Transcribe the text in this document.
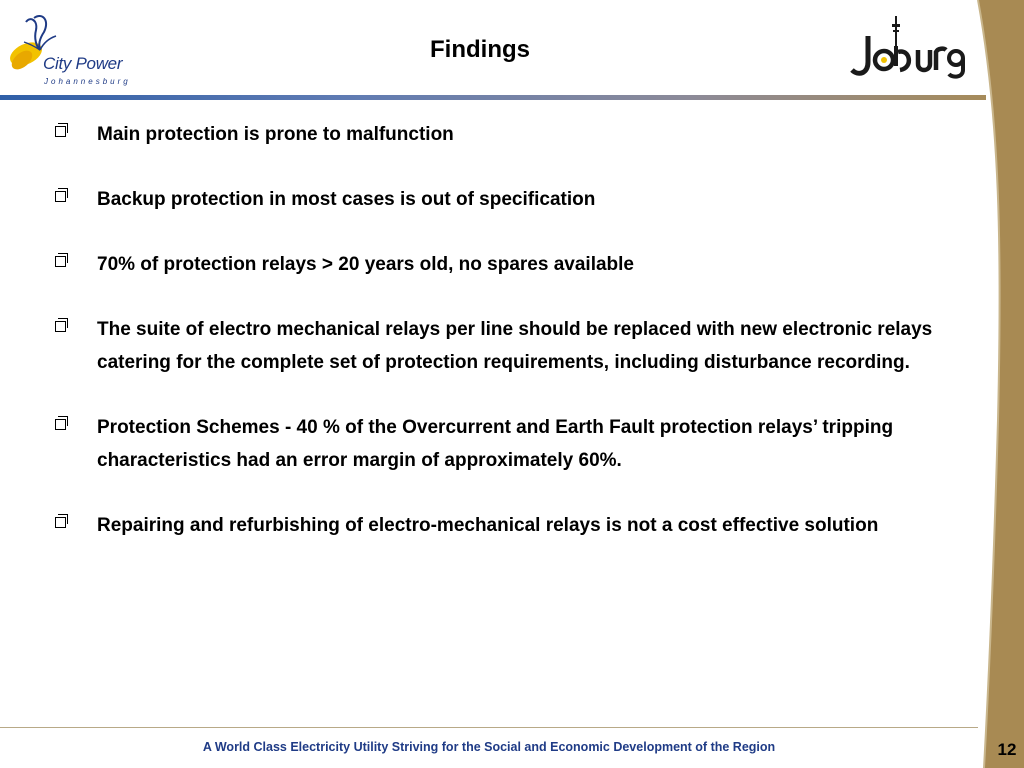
City Power
Johannesburg
Findings
Main protection is prone to malfunction
Backup protection in most cases is out of specification
70% of protection relays > 20 years old, no spares available
The suite of electro mechanical relays per line should be replaced with new electronic relays catering for the complete set of protection requirements, including disturbance recording.
Protection Schemes - 40 % of the Overcurrent and Earth Fault protection relays’ tripping characteristics had an error margin of approximately 60%.
Repairing and refurbishing of electro-mechanical relays is not a cost effective solution
A World Class Electricity Utility Striving for the Social and Economic Development of the Region	12
